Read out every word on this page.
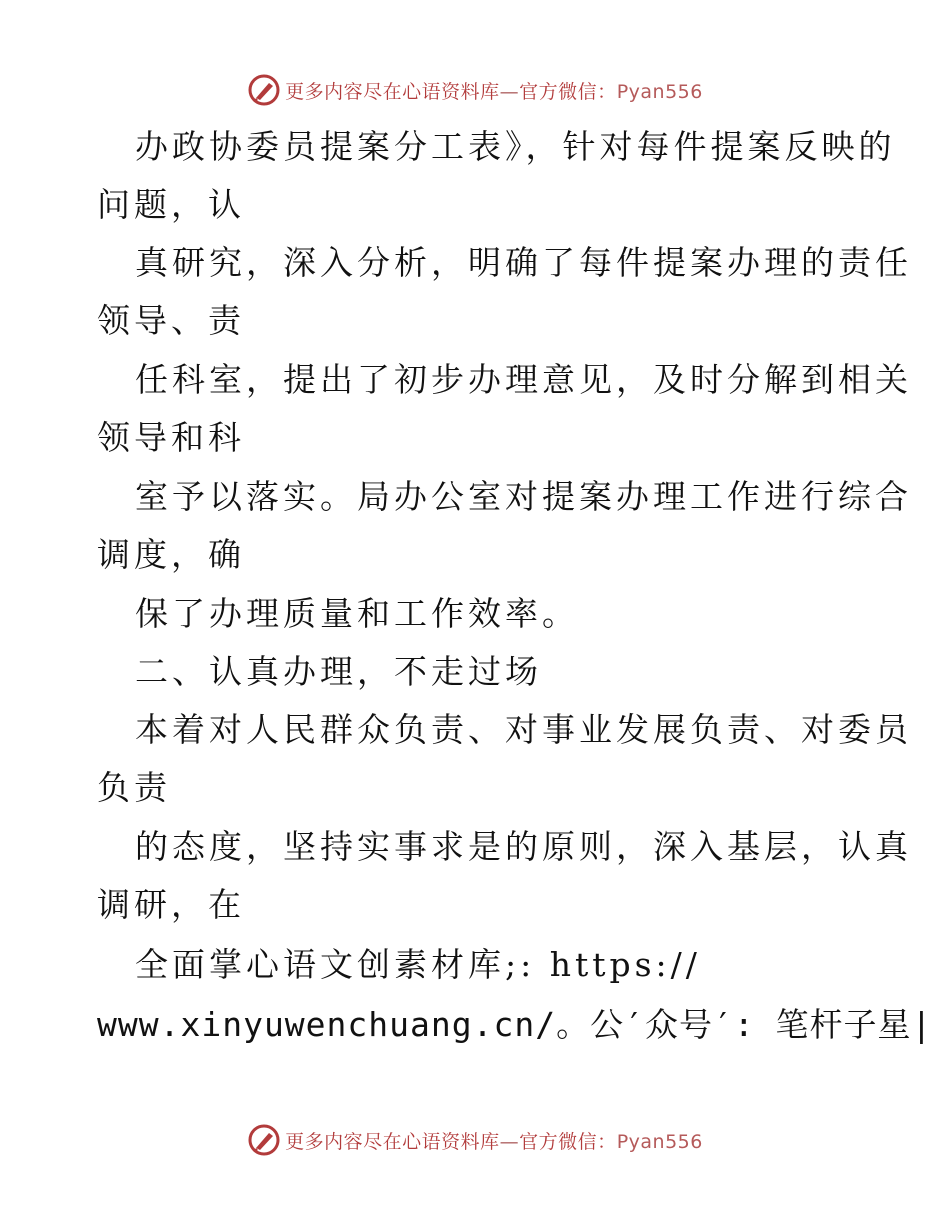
更多内容尽在心语资料库—官方微信：Pyan556
办政协委员提案分工表》，针对每件提案反映的
问题，认
真研究，深入分析，明确了每件提案办理的责任
领导、责
任科室，提出了初步办理意见，及时分解到相关
领导和科
室予以落实。局办公室对提案办理工作进行综合
调度，确
保了办理质量和工作效率。
二、认真办理，不走过场
本着对人民群众负责、对事业发展负责、对委员
负责
的态度，坚持实事求是的原则，深入基层，认真
调研，在
全面掌心语文创素材库;: https://
www.xinyuwenchuang.cn/。公′众号′: 笔杆子星|
更多内容尽在心语资料库—官方微信：Pyan556
